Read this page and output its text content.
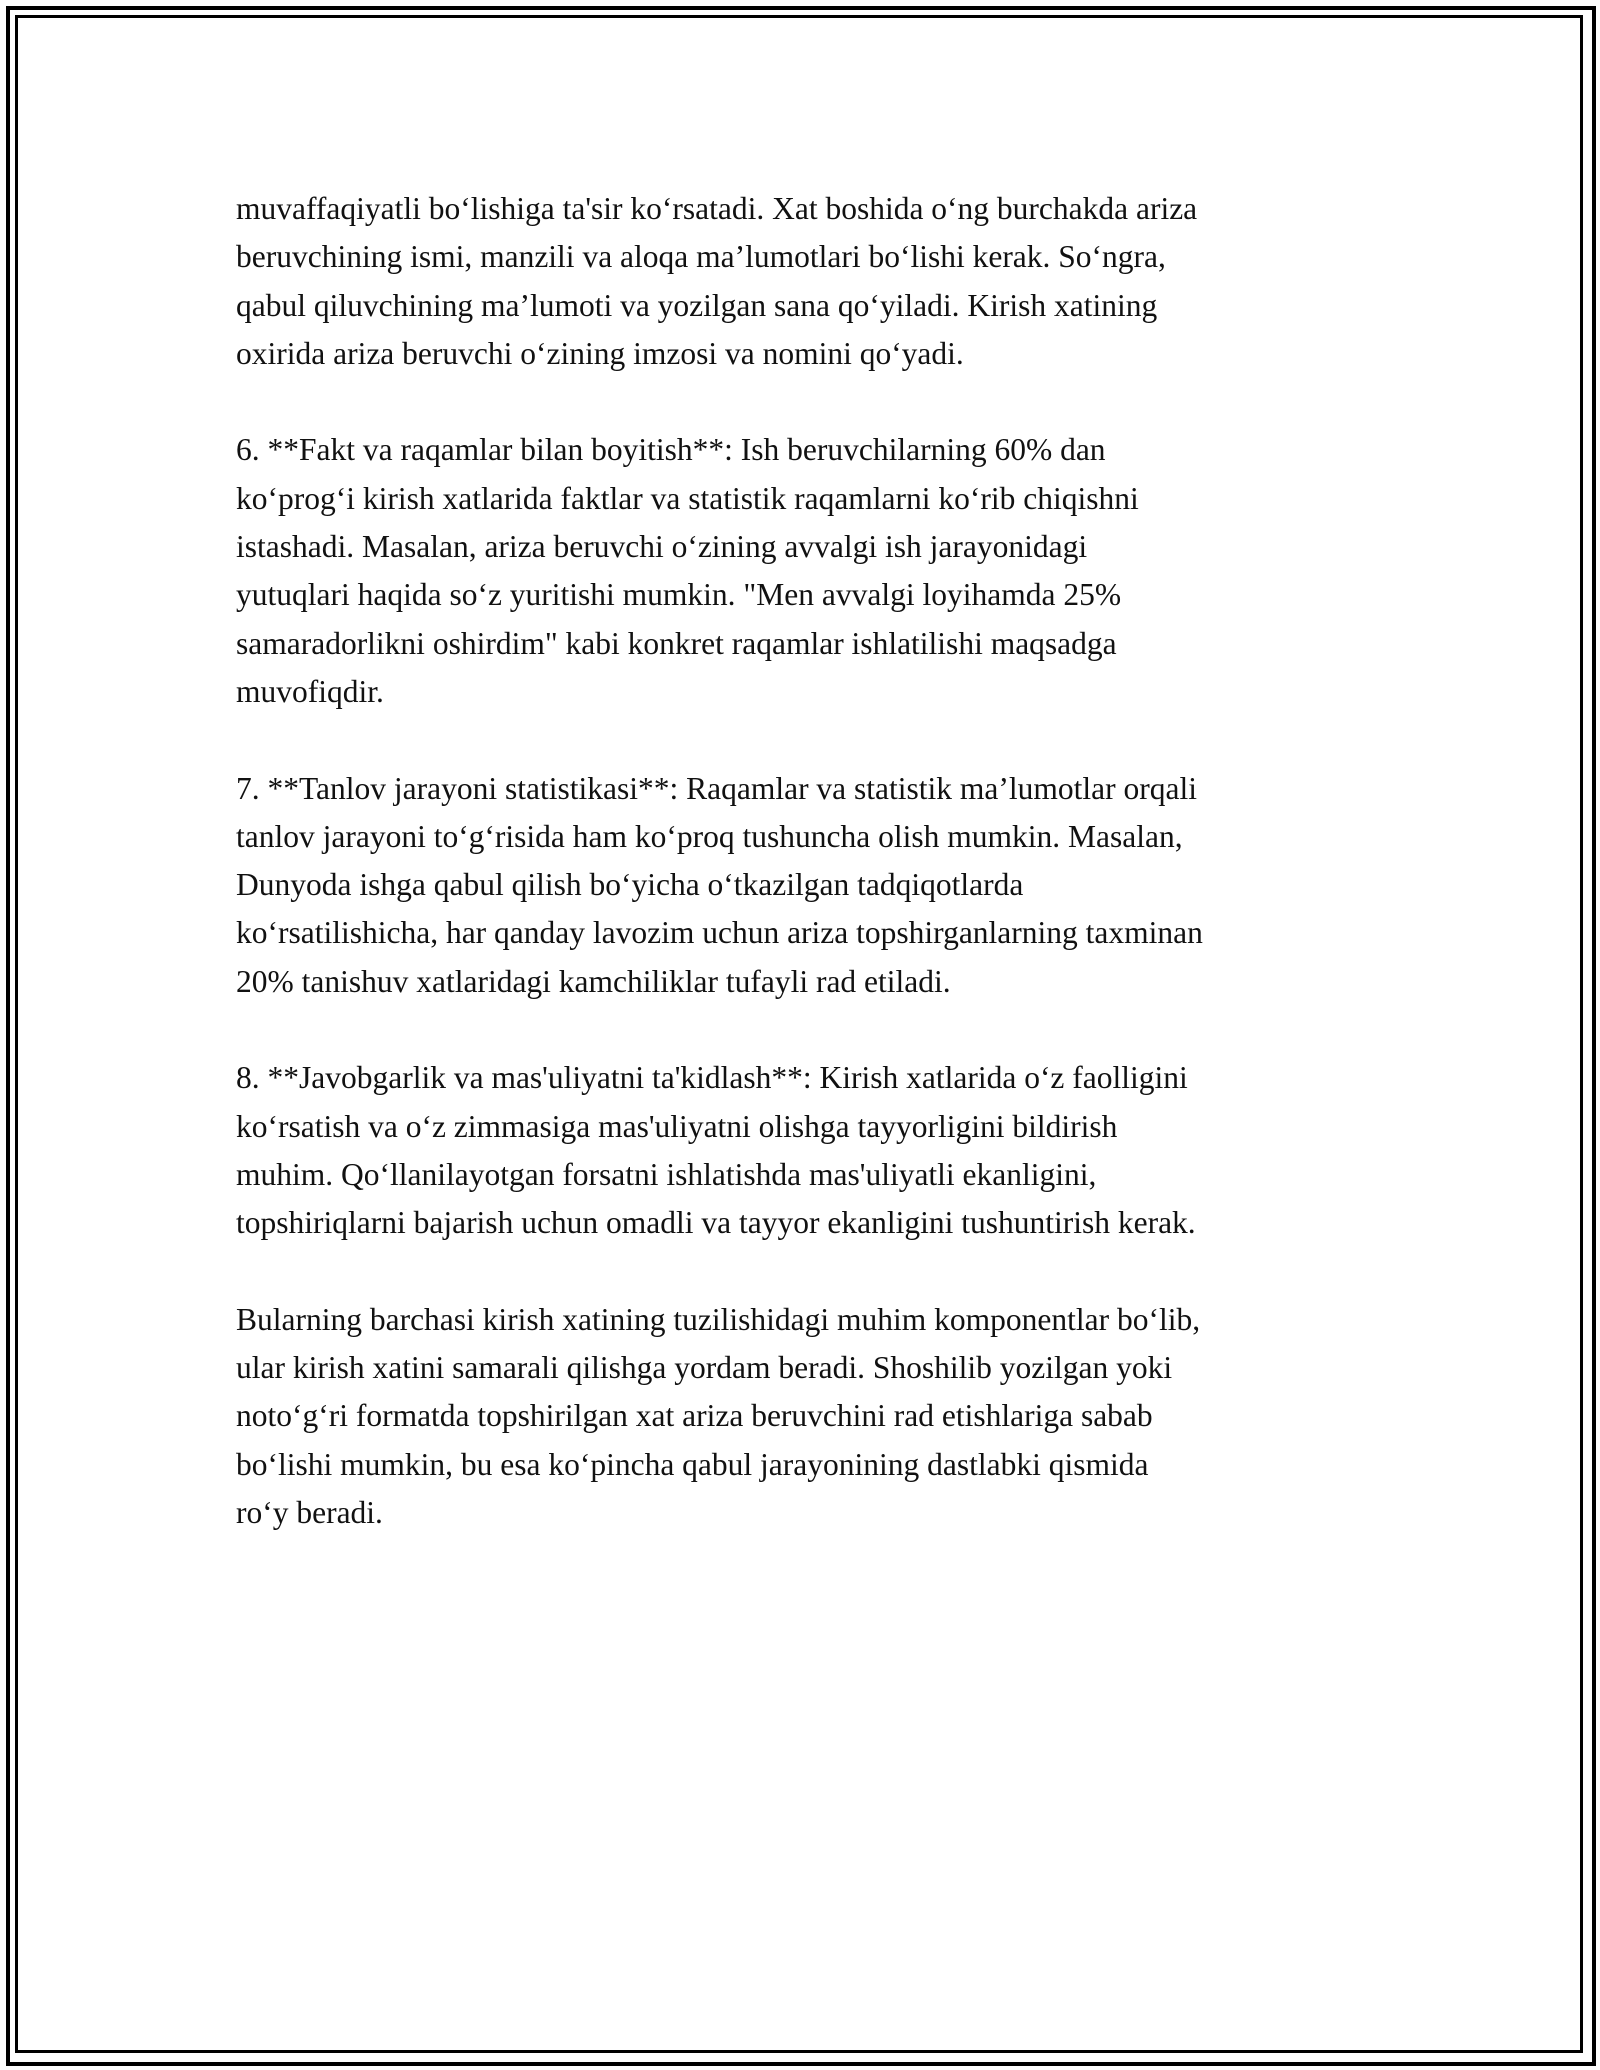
muvaffaqiyatli bo‘lishiga ta'sir ko‘rsatadi. Xat boshida o‘ng burchakda ariza
beruvchining ismi, manzili va aloqa ma’lumotlari bo‘lishi kerak. So‘ngra,
qabul qiluvchining ma’lumoti va yozilgan sana qo‘yiladi. Kirish xatining
oxirida ariza beruvchi o‘zining imzosi va nomini qo‘yadi.

6. **Fakt va raqamlar bilan boyitish**: Ish beruvchilarning 60% dan
ko‘prog‘i kirish xatlarida faktlar va statistik raqamlarni ko‘rib chiqishni
istashadi. Masalan, ariza beruvchi o‘zining avvalgi ish jarayonidagi
yutuqlari haqida so‘z yuritishi mumkin. "Men avvalgi loyihamda 25%
samaradorlikni oshirdim" kabi konkret raqamlar ishlatilishi maqsadga
muvofiqdir.

7. **Tanlov jarayoni statistikasi**: Raqamlar va statistik ma’lumotlar orqali
tanlov jarayoni to‘g‘risida ham ko‘proq tushuncha olish mumkin. Masalan,
Dunyoda ishga qabul qilish bo‘yicha o‘tkazilgan tadqiqotlarda
ko‘rsatilishicha, har qanday lavozim uchun ariza topshirganlarning taxminan
20% tanishuv xatlaridagi kamchiliklar tufayli rad etiladi.

8. **Javobgarlik va mas'uliyatni ta'kidlash**: Kirish xatlarida o‘z faolligini
ko‘rsatish va o‘z zimmasiga mas'uliyatni olishga tayyorligini bildirish
muhim. Qo‘llanilayotgan forsatni ishlatishda mas'uliyatli ekanligini,
topshiriqlarni bajarish uchun omadli va tayyor ekanligini tushuntirish kerak.

Bularning barchasi kirish xatining tuzilishidagi muhim komponentlar bo‘lib,
ular kirish xatini samarali qilishga yordam beradi. Shoshilib yozilgan yoki
noto‘g‘ri formatda topshirilgan xat ariza beruvchini rad etishlariga sabab
bo‘lishi mumkin, bu esa ko‘pincha qabul jarayonining dastlabki qismida
ro‘y beradi.
